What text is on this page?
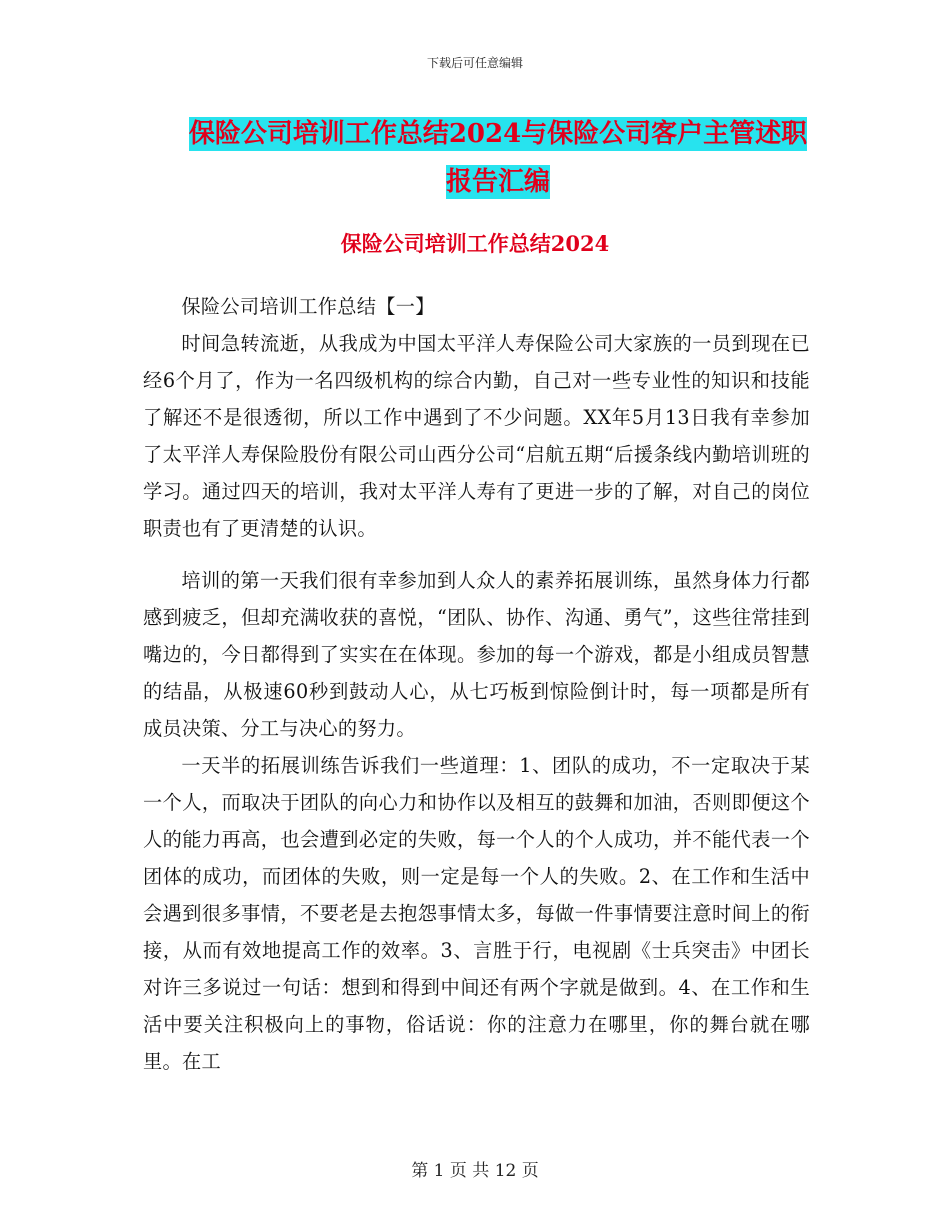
下载后可任意编辑
保险公司培训工作总结2024与保险公司客户主管述职
报告汇编
保险公司培训工作总结2024

保险公司培训工作总结【一】

时间急转流逝，从我成为中国太平洋人寿保险公司大家族的一员到现在已经6个月了，作为一名四级机构的综合内勤，自己对一些专业性的知识和技能了解还不是很透彻，所以工作中遇到了不少问题。XX年5月13日我有幸参加了太平洋人寿保险股份有限公司山西分公司“启航五期“后援条线内勤培训班的学习。通过四天的培训，我对太平洋人寿有了更进一步的了解，对自己的岗位职责也有了更清楚的认识。

培训的第一天我们很有幸参加到人众人的素养拓展训练，虽然身体力行都感到疲乏，但却充满收获的喜悦，“团队、协作、沟通、勇气”，这些往常挂到嘴边的，今日都得到了实实在在体现。参加的每一个游戏，都是小组成员智慧的结晶，从极速60秒到鼓动人心，从七巧板到惊险倒计时，每一项都是所有成员决策、分工与决心的努力。

一天半的拓展训练告诉我们一些道理：1、团队的成功，不一定取决于某一个人，而取决于团队的向心力和协作以及相互的鼓舞和加油，否则即便这个人的能力再高，也会遭到必定的失败，每一个人的个人成功，并不能代表一个团体的成功，而团体的失败，则一定是每一个人的失败。2、在工作和生活中会遇到很多事情，不要老是去抱怨事情太多，每做一件事情要注意时间上的衔接，从而有效地提高工作的效率。3、言胜于行，电视剧《士兵突击》中团长对许三多说过一句话：想到和得到中间还有两个字就是做到。4、在工作和生活中要关注积极向上的事物，俗话说：你的注意力在哪里，你的舞台就在哪里。在工

第 1 页 共 12 页
